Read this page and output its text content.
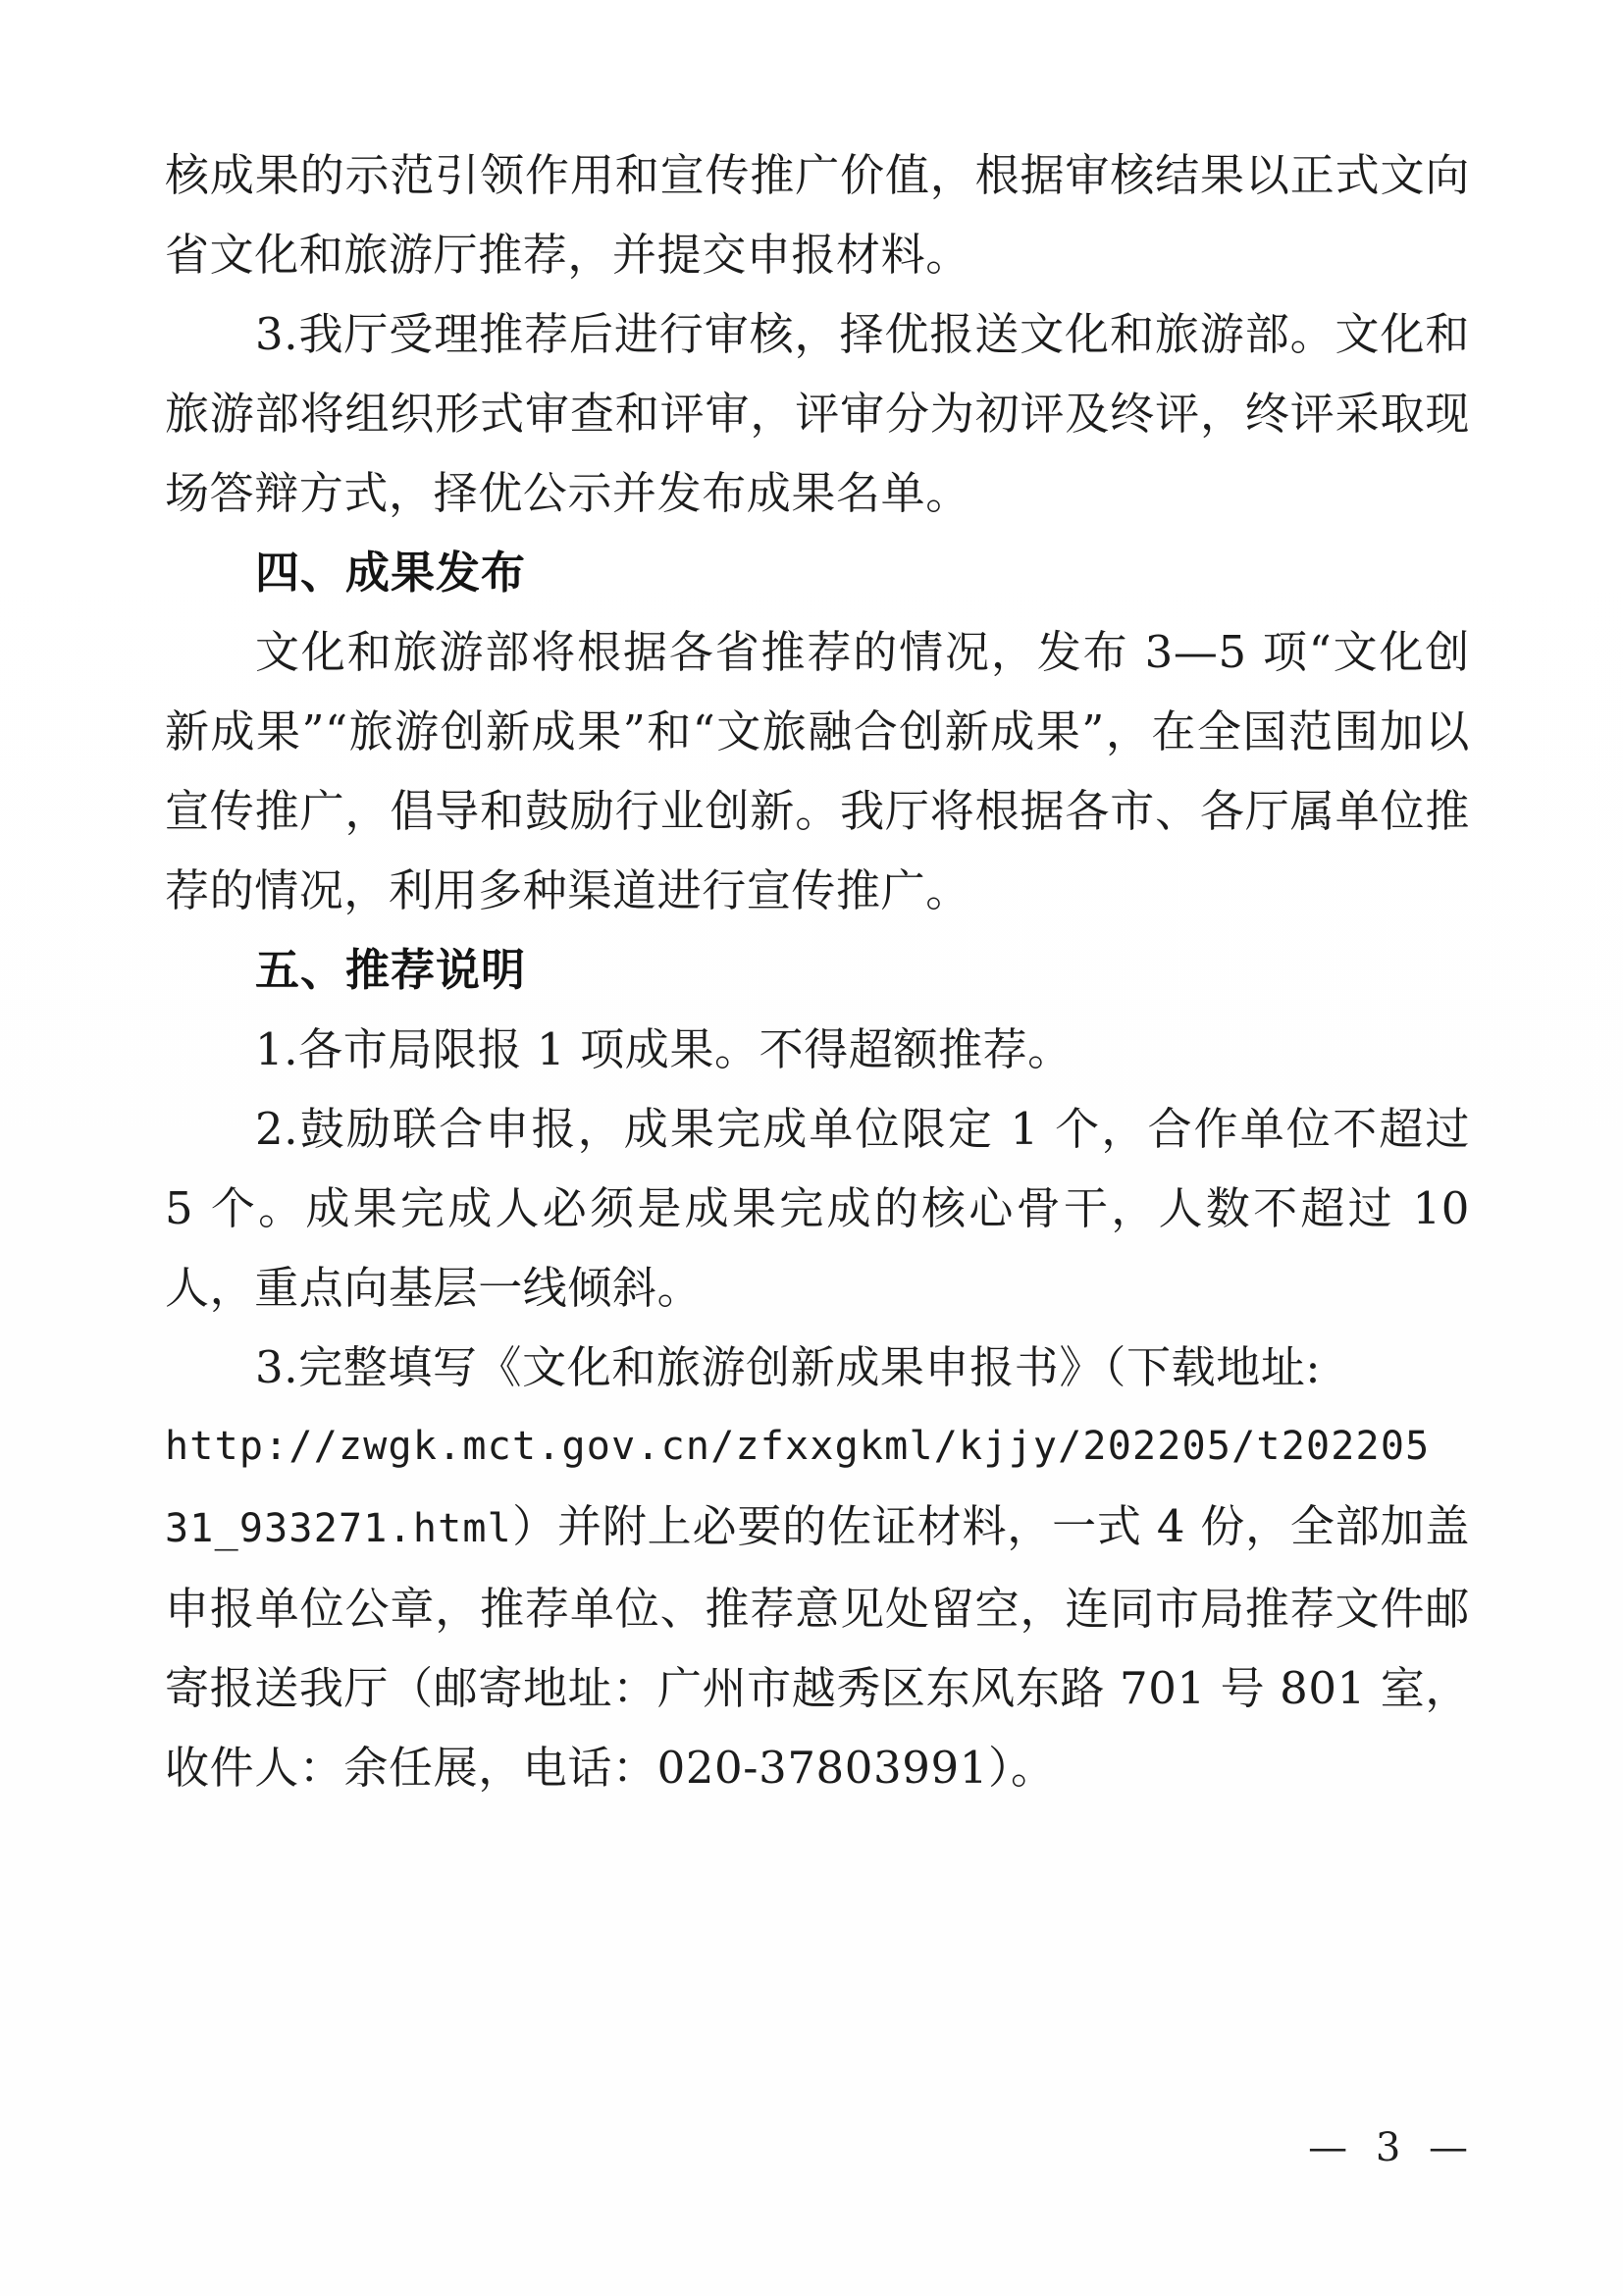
核成果的示范引领作用和宣传推广价值，根据审核结果以正式文向省文化和旅游厅推荐，并提交申报材料。

3.我厅受理推荐后进行审核，择优报送文化和旅游部。文化和旅游部将组织形式审查和评审，评审分为初评及终评，终评采取现场答辩方式，择优公示并发布成果名单。

四、成果发布

文化和旅游部将根据各省推荐的情况，发布 3—5 项“文化创新成果”“旅游创新成果”和“文旅融合创新成果”，在全国范围加以宣传推广，倡导和鼓励行业创新。我厅将根据各市、各厅属单位推荐的情况，利用多种渠道进行宣传推广。

五、推荐说明

1.各市局限报 1 项成果。不得超额推荐。

2.鼓励联合申报，成果完成单位限定 1 个，合作单位不超过 5 个。成果完成人必须是成果完成的核心骨干，人数不超过 10 人，重点向基层一线倾斜。

3.完整填写《文化和旅游创新成果申报书》（下载地址:

http://zwgk.mct.gov.cn/zfxxgkml/kjjy/202205/t202205

31_933271.html）并附上必要的佐证材料，一式 4 份，全部加盖申报单位公章，推荐单位、推荐意见处留空，连同市局推荐文件邮寄报送我厅（邮寄地址：广州市越秀区东风东路 701 号 801 室，收件人：余任展，电话：020-37803991）。

— 3 —
